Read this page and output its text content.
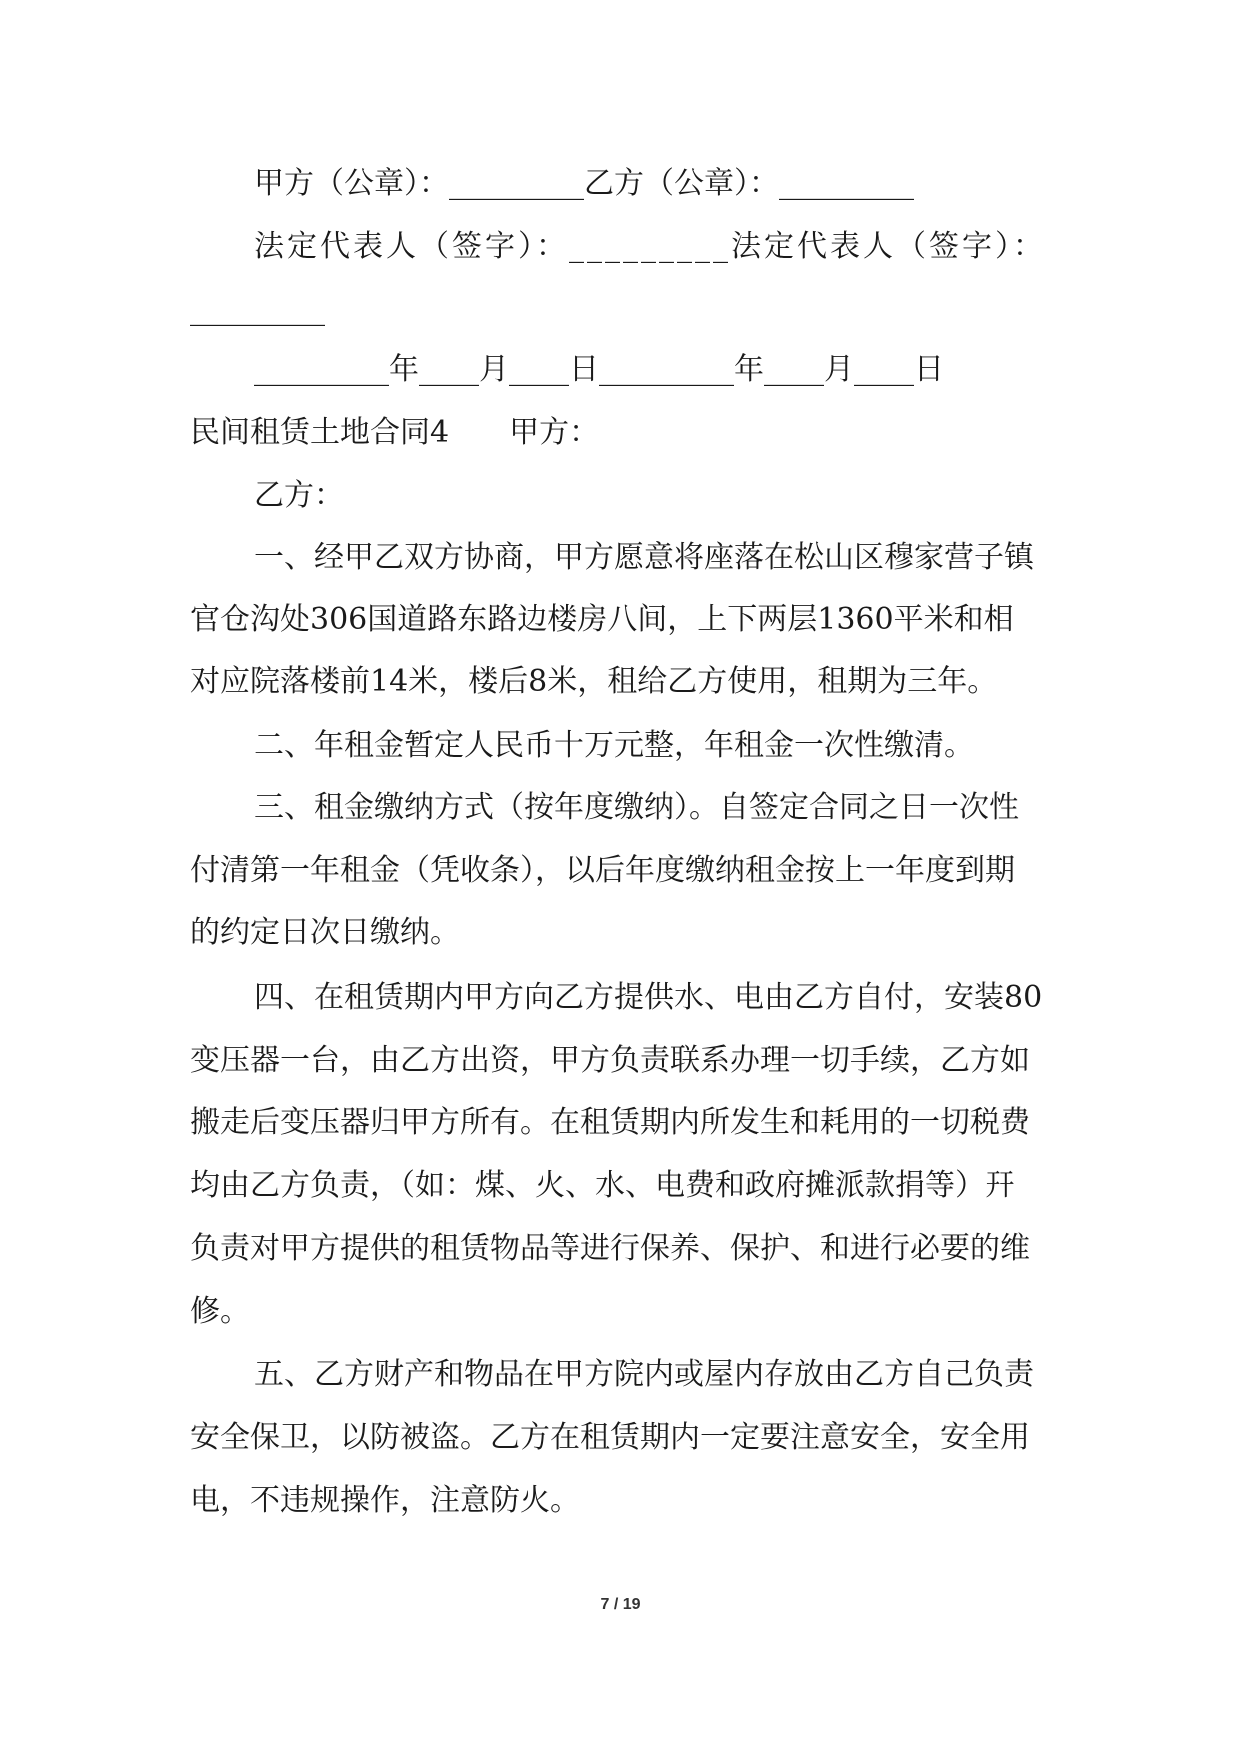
甲方（公章）：_________乙方（公章）：_________
法定代表人（签字）：_________法定代表人（签字）：
_________
_________年____月____日_________年____月____日
民间租赁土地合同4　　甲方：
乙方：
一、经甲乙双方协商，甲方愿意将座落在松山区穆家营子镇
官仓沟处306国道路东路边楼房八间，上下两层1360平米和相
对应院落楼前14米，楼后8米，租给乙方使用，租期为三年。
二、年租金暂定人民币十万元整，年租金一次性缴清。
三、租金缴纳方式（按年度缴纳）。自签定合同之日一次性
付清第一年租金（凭收条），以后年度缴纳租金按上一年度到期
的约定日次日缴纳。
四、在租赁期内甲方向乙方提供水、电由乙方自付，安装80
变压器一台，由乙方出资，甲方负责联系办理一切手续，乙方如
搬走后变压器归甲方所有。在租赁期内所发生和耗用的一切税费
均由乙方负责，（如：煤、火、水、电费和政府摊派款捐等）幵
负责对甲方提供的租赁物品等进行保养、保护、和进行必要的维
修。
五、乙方财产和物品在甲方院内或屋内存放由乙方自己负责
安全保卫，以防被盗。乙方在租赁期内一定要注意安全，安全用
电，不违规操作，注意防火。
7 / 19
